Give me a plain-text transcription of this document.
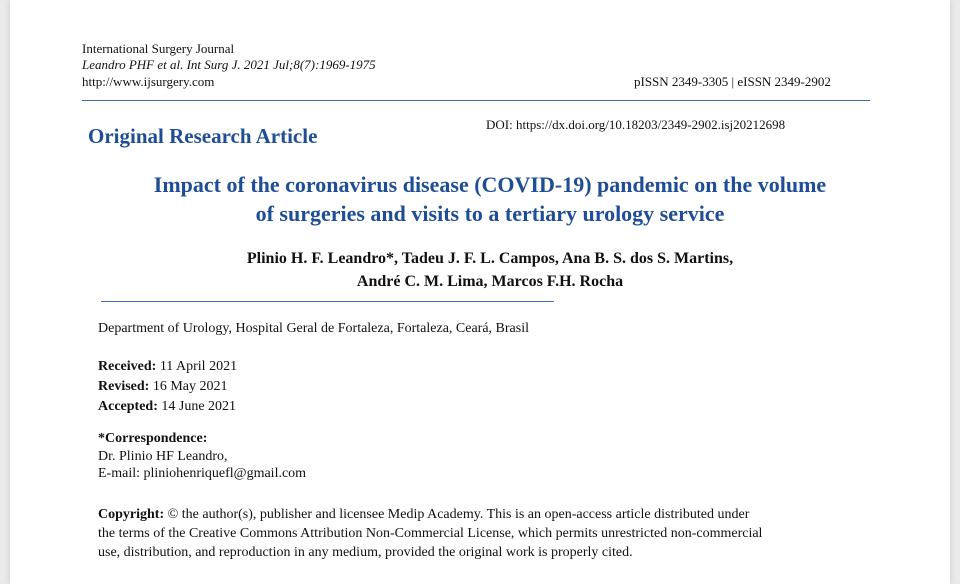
International Surgery Journal
Leandro PHF et al. Int Surg J. 2021 Jul;8(7):1969-1975
http://www.ijsurgery.com	pISSN 2349-3305 | eISSN 2349-2902
DOI: https://dx.doi.org/10.18203/2349-2902.isj20212698
Original Research Article
Impact of the coronavirus disease (COVID-19) pandemic on the volume
of surgeries and visits to a tertiary urology service
Plinio H. F. Leandro*, Tadeu J. F. L. Campos, Ana B. S. dos S. Martins,
André C. M. Lima, Marcos F.H. Rocha
Department of Urology, Hospital Geral de Fortaleza, Fortaleza, Ceará, Brasil
Received: 11 April 2021
Revised: 16 May 2021
Accepted: 14 June 2021
*Correspondence:
Dr. Plinio HF Leandro,
E-mail: pliniohenriquefl@gmail.com
Copyright: © the author(s), publisher and licensee Medip Academy. This is an open-access article distributed under
the terms of the Creative Commons Attribution Non-Commercial License, which permits unrestricted non-commercial
use, distribution, and reproduction in any medium, provided the original work is properly cited.
